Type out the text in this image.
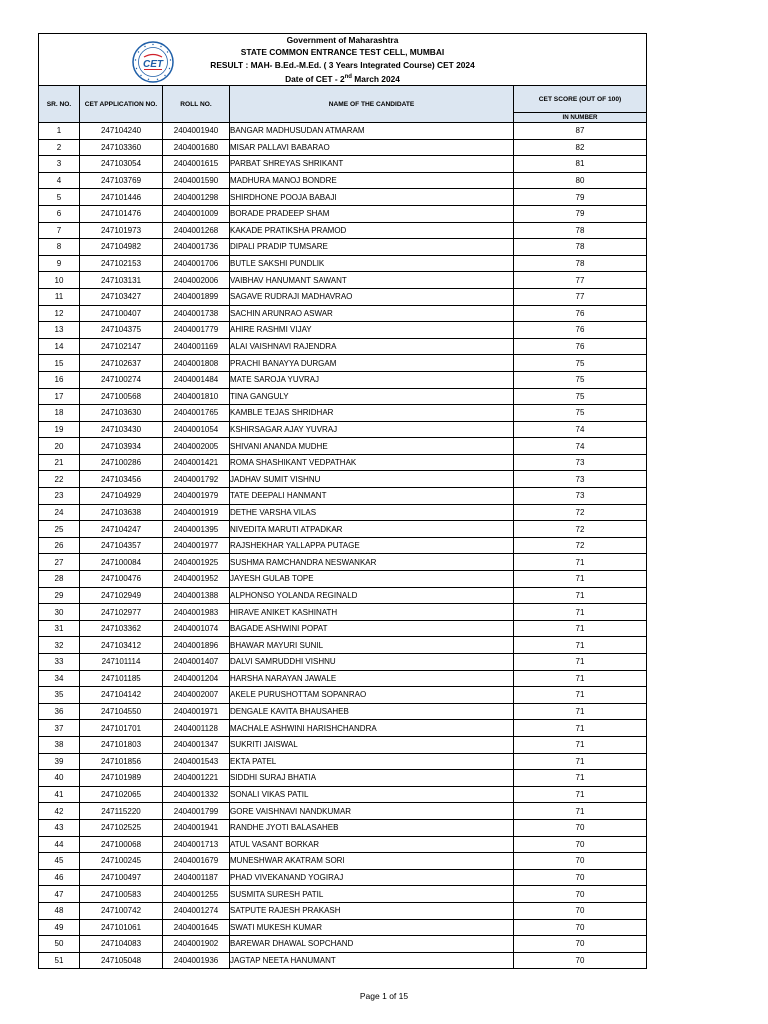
CET
Government of Maharashtra
STATE COMMON ENTRANCE TEST CELL, MUMBAI
RESULT : MAH- B.Ed.-M.Ed. ( 3 Years Integrated Course) CET 2024
Date of CET - 2nd March 2024				

SR. NO.	CET APPLICATION NO.	ROLL NO.	NAME OF THE CANDIDATE	CET SCORE (OUT OF 100)
				IN NUMBER
1	247104240	2404001940	BANGAR MADHUSUDAN ATMARAM	87
2	247103360	2404001680	MISAR PALLAVI BABARAO	82
3	247103054	2404001615	PARBAT SHREYAS SHRIKANT	81
4	247103769	2404001590	MADHURA MANOJ BONDRE	80
5	247101446	2404001298	SHIRDHONE POOJA BABAJI	79
6	247101476	2404001009	BORADE PRADEEP SHAM	79
7	247101973	2404001268	KAKADE PRATIKSHA PRAMOD	78
8	247104982	2404001736	DIPALI PRADIP TUMSARE	78
9	247102153	2404001706	BUTLE SAKSHI PUNDLIK	78
10	247103131	2404002006	VAIBHAV HANUMANT SAWANT	77
11	247103427	2404001899	SAGAVE RUDRAJI MADHAVRAO	77
12	247100407	2404001738	SACHIN ARUNRAO ASWAR	76
13	247104375	2404001779	AHIRE RASHMI VIJAY	76
14	247102147	2404001169	ALAI VAISHNAVI RAJENDRA	76
15	247102637	2404001808	PRACHI BANAYYA DURGAM	75
16	247100274	2404001484	MATE SAROJA YUVRAJ	75
17	247100568	2404001810	TINA GANGULY	75
18	247103630	2404001765	KAMBLE TEJAS SHRIDHAR	75
19	247103430	2404001054	KSHIRSAGAR AJAY YUVRAJ	74
20	247103934	2404002005	SHIVANI ANANDA MUDHE	74
21	247100286	2404001421	ROMA SHASHIKANT VEDPATHAK	73
22	247103456	2404001792	JADHAV SUMIT VISHNU	73
23	247104929	2404001979	TATE DEEPALI HANMANT	73
24	247103638	2404001919	DETHE VARSHA VILAS	72
25	247104247	2404001395	NIVEDITA MARUTI ATPADKAR	72
26	247104357	2404001977	RAJSHEKHAR YALLAPPA PUTAGE	72
27	247100084	2404001925	SUSHMA RAMCHANDRA NESWANKAR	71
28	247100476	2404001952	JAYESH GULAB TOPE	71
29	247102949	2404001388	ALPHONSO YOLANDA REGINALD	71
30	247102977	2404001983	HIRAVE ANIKET KASHINATH	71
31	247103362	2404001074	BAGADE ASHWINI POPAT	71
32	247103412	2404001896	BHAWAR MAYURI SUNIL	71
33	247101114	2404001407	DALVI SAMRUDDHI VISHNU	71
34	247101185	2404001204	HARSHA NARAYAN JAWALE	71
35	247104142	2404002007	AKELE PURUSHOTTAM SOPANRAO	71
36	247104550	2404001971	DENGALE KAVITA BHAUSAHEB	71
37	247101701	2404001128	MACHALE ASHWINI HARISHCHANDRA	71
38	247101803	2404001347	SUKRITI JAISWAL	71
39	247101856	2404001543	EKTA PATEL	71
40	247101989	2404001221	SIDDHI SURAJ BHATIA	71
41	247102065	2404001332	SONALI VIKAS PATIL	71
42	247115220	2404001799	GORE VAISHNAVI NANDKUMAR	71
43	247102525	2404001941	RANDHE JYOTI BALASAHEB	70
44	247100068	2404001713	ATUL VASANT BORKAR	70
45	247100245	2404001679	MUNESHWAR AKATRAM SORI	70
46	247100497	2404001187	PHAD VIVEKANAND YOGIRAJ	70
47	247100583	2404001255	SUSMITA SURESH PATIL	70
48	247100742	2404001274	SATPUTE RAJESH PRAKASH	70
49	247101061	2404001645	SWATI MUKESH KUMAR	70
50	247104083	2404001902	BAREWAR DHAWAL SOPCHAND	70
51	247105048	2404001936	JAGTAP NEETA HANUMANT	70
Page 1 of 15
